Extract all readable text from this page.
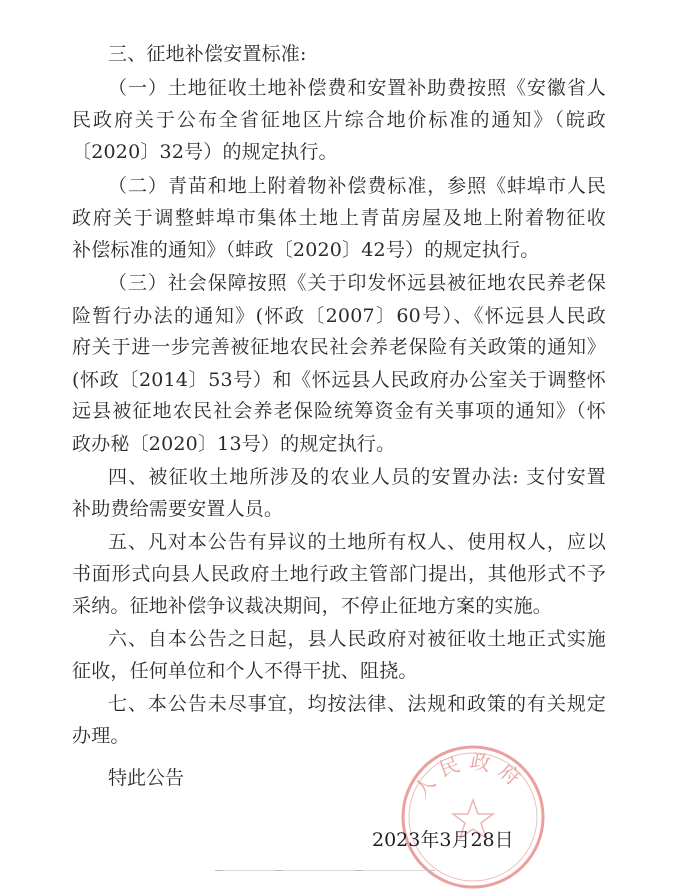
三、征地补偿安置标准:
（一）土地征收土地补偿费和安置补助费按照《安徽省人
民政府关于公布全省征地区片综合地价标准的通知》（皖政
〔2020〕32号）的规定执行。
（二）青苗和地上附着物补偿费标准，参照《蚌埠市人民
政府关于调整蚌埠市集体土地上青苗房屋及地上附着物征收
补偿标准的通知》（蚌政〔2020〕42号）的规定执行。
（三）社会保障按照《关于印发怀远县被征地农民养老保
险暂行办法的通知》(怀政〔2007〕60号）、《怀远县人民政
府关于进一步完善被征地农民社会养老保险有关政策的通知》
(怀政〔2014〕53号）和《怀远县人民政府办公室关于调整怀
远县被征地农民社会养老保险统筹资金有关事项的通知》（怀
政办秘〔2020〕13号）的规定执行。
四、被征收土地所涉及的农业人员的安置办法: 支付安置
补助费给需要安置人员。
五、凡对本公告有异议的土地所有权人、使用权人，应以
书面形式向县人民政府土地行政主管部门提出，其他形式不予
采纳。征地补偿争议裁决期间，不停止征地方案的实施。
六、自本公告之日起，县人民政府对被征收土地正式实施
征收，任何单位和个人不得干扰、阻挠。
七、本公告未尽事宜，均按法律、法规和政策的有关规定
办理。
特此公告	人民政府
2023年3月28日
